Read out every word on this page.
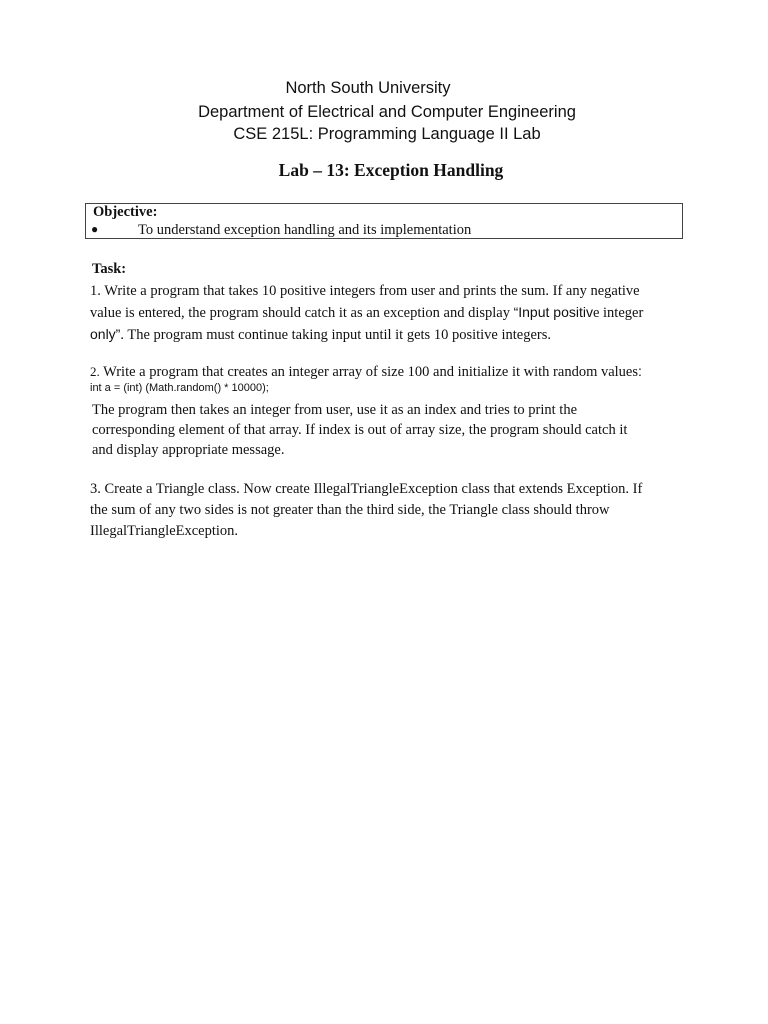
North South University
Department of Electrical and Computer Engineering
CSE 215L: Programming Language II Lab
Lab – 13: Exception Handling
Objective:
●	To understand exception handling and its implementation
Task:
1. Write a program that takes 10 positive integers from user and prints the sum. If any negative
value is entered, the program should catch it as an exception and display “Input positive integer
only”. The program must continue taking input until it gets 10 positive integers.
2. Write a program that creates an integer array of size 100 and initialize it with random values:
int a = (int) (Math.random() * 10000);
The program then takes an integer from user, use it as an index and tries to print the
corresponding element of that array. If index is out of array size, the program should catch it
and display appropriate message.
3. Create a Triangle class. Now create IllegalTriangleException class that extends Exception. If
the sum of any two sides is not greater than the third side, the Triangle class should throw
IllegalTriangleException.
